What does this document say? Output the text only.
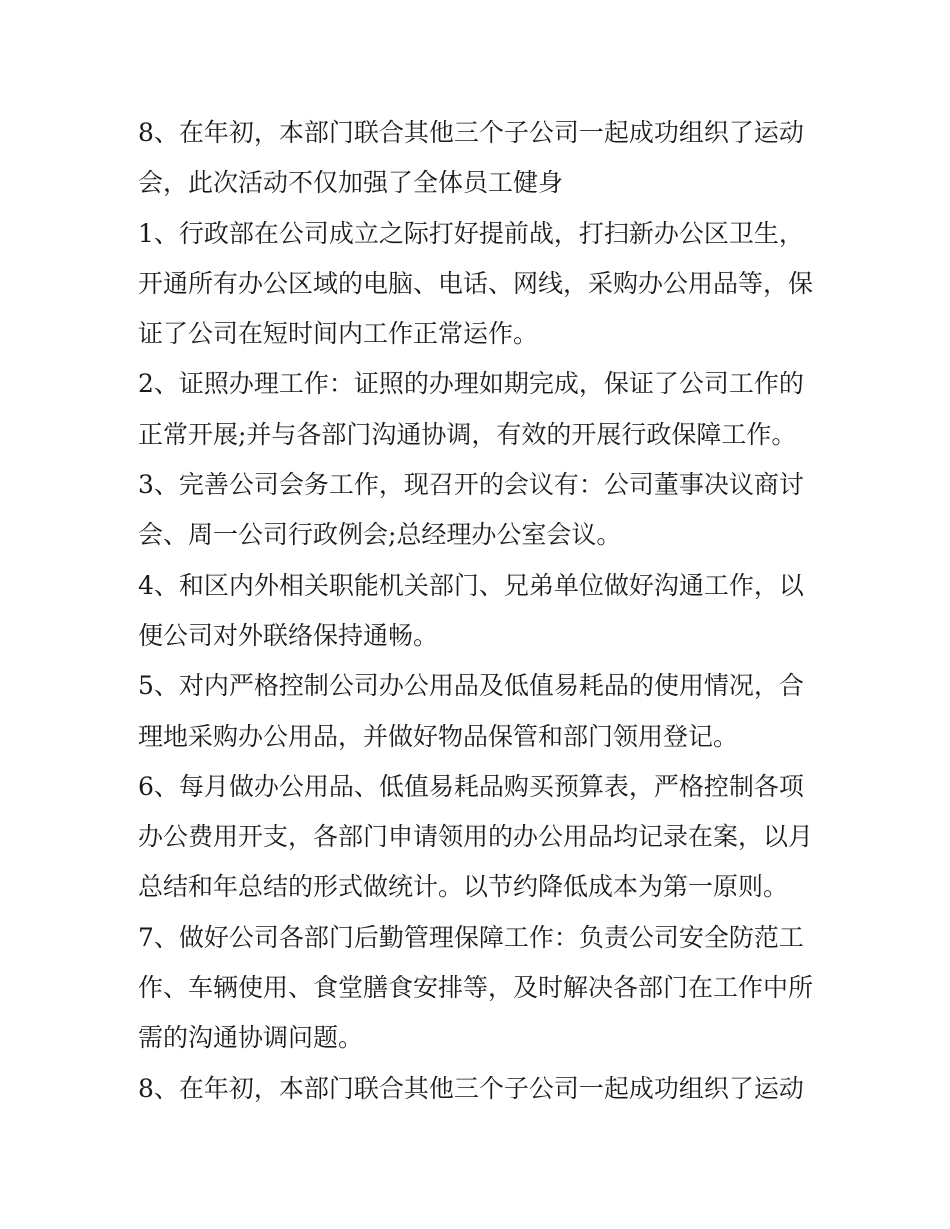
8、在年初，本部门联合其他三个子公司一起成功组织了运动
会，此次活动不仅加强了全体员工健身
1、行政部在公司成立之际打好提前战，打扫新办公区卫生，
开通所有办公区域的电脑、电话、网线，采购办公用品等，保
证了公司在短时间内工作正常运作。
2、证照办理工作：证照的办理如期完成，保证了公司工作的
正常开展;并与各部门沟通协调，有效的开展行政保障工作。
3、完善公司会务工作，现召开的会议有：公司董事决议商讨
会、周一公司行政例会;总经理办公室会议。
4、和区内外相关职能机关部门、兄弟单位做好沟通工作，以
便公司对外联络保持通畅。
5、对内严格控制公司办公用品及低值易耗品的使用情况，合
理地采购办公用品，并做好物品保管和部门领用登记。
6、每月做办公用品、低值易耗品购买预算表，严格控制各项
办公费用开支，各部门申请领用的办公用品均记录在案，以月
总结和年总结的形式做统计。以节约降低成本为第一原则。
7、做好公司各部门后勤管理保障工作：负责公司安全防范工
作、车辆使用、食堂膳食安排等，及时解决各部门在工作中所
需的沟通协调问题。
8、在年初，本部门联合其他三个子公司一起成功组织了运动
